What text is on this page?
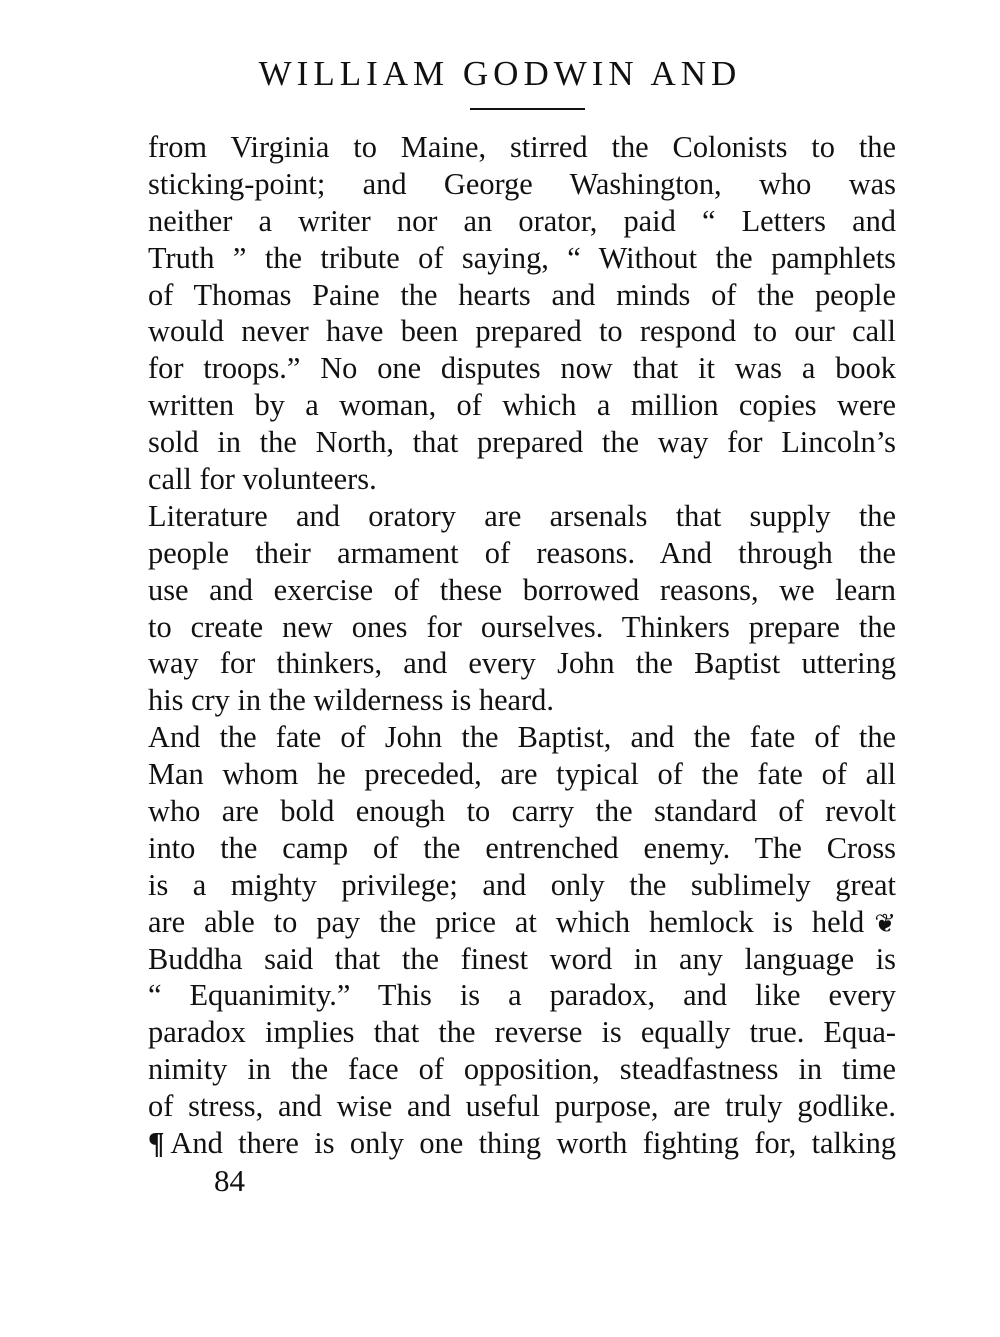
WILLIAM GODWIN AND
from Virginia to Maine, stirred the Colonists to the
sticking-point; and George Washington, who was
neither a writer nor an orator, paid “ Letters and
Truth ” the tribute of saying, “ Without the pamphlets
of Thomas Paine the hearts and minds of the people
would never have been prepared to respond to our call
for troops.” No one disputes now that it was a book
written by a woman, of which a million copies were
sold in the North, that prepared the way for Lincoln’s
call for volunteers.
Literature and oratory are arsenals that supply the
people their armament of reasons. And through the
use and exercise of these borrowed reasons, we learn
to create new ones for ourselves. Thinkers prepare the
way for thinkers, and every John the Baptist uttering
his cry in the wilderness is heard.
And the fate of John the Baptist, and the fate of the
Man whom he preceded, are typical of the fate of all
who are bold enough to carry the standard of revolt
into the camp of the entrenched enemy. The Cross
is a mighty privilege; and only the sublimely great
are able to pay the price at which hemlock is held ❦
Buddha said that the finest word in any language is
“ Equanimity.” This is a paradox, and like every
paradox implies that the reverse is equally true. Equa-
nimity in the face of opposition, steadfastness in time
of stress, and wise and useful purpose, are truly godlike.
¶ And there is only one thing worth fighting for, talking
84
